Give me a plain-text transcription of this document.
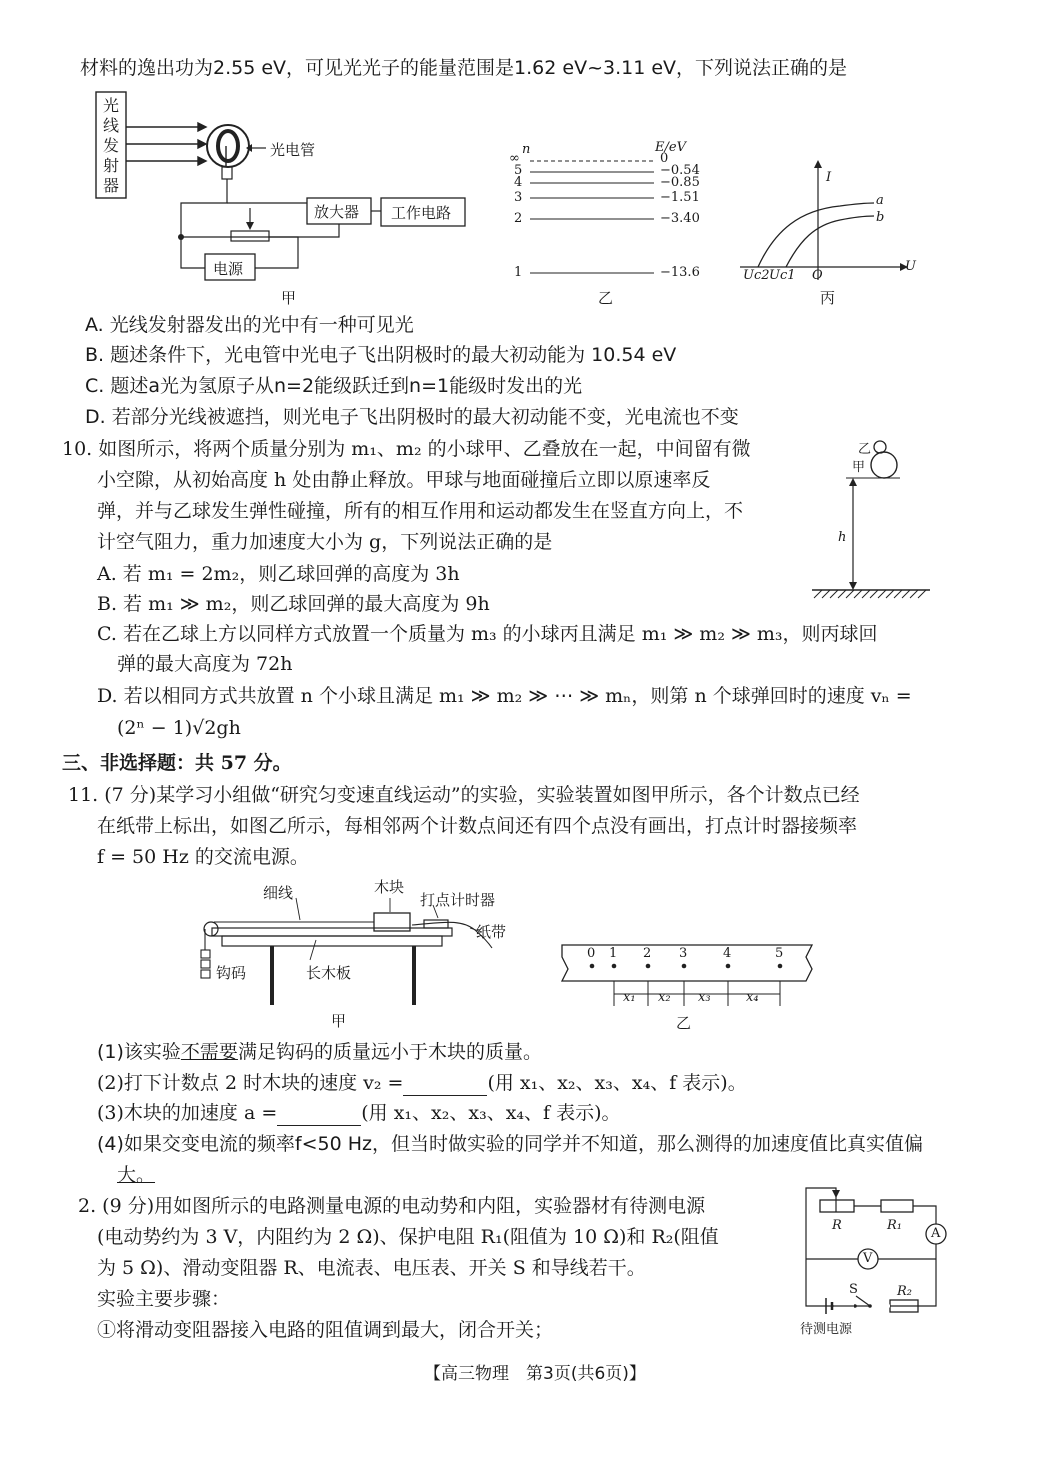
材料的逸出功为2.55 eV，可见光光子的能量范围是1.62 eV~3.11 eV，下列说法正确的是
光线发射器
光电管
放大器 工作电路
电源
甲
n	E/eV
∞	0
5	−0.54
4	−0.85
3	−1.51
2	−3.40
1	−13.6
乙
I
U
a
b
Uc2 Uc1 O
丙
A. 光线发射器发出的光中有一种可见光
B. 题述条件下，光电管中光电子飞出阴极时的最大初动能为 10.54 eV
C. 题述a光为氢原子从n=2能级跃迁到n=1能级时发出的光
D. 若部分光线被遮挡，则光电子飞出阴极时的最大初动能不变，光电流也不变
10. 如图所示，将两个质量分别为 m₁、m₂ 的小球甲、乙叠放在一起，中间留有微
小空隙，从初始高度 h 处由静止释放。甲球与地面碰撞后立即以原速率反
弹，并与乙球发生弹性碰撞，所有的相互作用和运动都发生在竖直方向上，不
计空气阻力，重力加速度大小为 g，下列说法正确的是
A. 若 m₁ = 2m₂，则乙球回弹的高度为 3h
B. 若 m₁ ≫ m₂，则乙球回弹的最大高度为 9h
C. 若在乙球上方以同样方式放置一个质量为 m₃ 的小球丙且满足 m₁ ≫ m₂ ≫ m₃，则丙球回
弹的最大高度为 72h
D. 若以相同方式共放置 n 个小球且满足 m₁ ≫ m₂ ≫ ⋯ ≫ mₙ，则第 n 个球弹回时的速度 vₙ =
(2ⁿ − 1)√2gh
乙
甲
h
三、非选择题：共 57 分。
11. (7 分)某学习小组做“研究匀变速直线运动”的实验，实验装置如图甲所示，各个计数点已经
在纸带上标出，如图乙所示，每相邻两个计数点间还有四个点没有画出，打点计时器接频率
f = 50 Hz 的交流电源。
细线	木块
打点计时器
纸带
钩码	长木板
甲
0 1 2 3	4	5
x₁ x₂ x₃	x₄
乙
(1)该实验不需要满足钩码的质量远小于木块的质量。
(2)打下计数点 2 时木块的速度 v₂ =	(用 x₁、x₂、x₃、x₄、f 表示)。
(3)木块的加速度 a =	(用 x₁、x₂、x₃、x₄、f 表示)。
(4)如果交变电流的频率f<50 Hz，但当时做实验的同学并不知道，那么测得的加速度值比真实值偏
大。
2. (9 分)用如图所示的电路测量电源的电动势和内阻，实验器材有待测电源
(电动势约为 3 V，内阻约为 2 Ω)、保护电阻 R₁(阻值为 10 Ω)和 R₂(阻值
为 5 Ω)、滑动变阻器 R、电流表、电压表、开关 S 和导线若干。
实验主要步骤：
①将滑动变阻器接入电路的阻值调到最大，闭合开关；
R	R₁
A
V
S	R₂
待测电源
【高三物理　第3页(共6页)】
